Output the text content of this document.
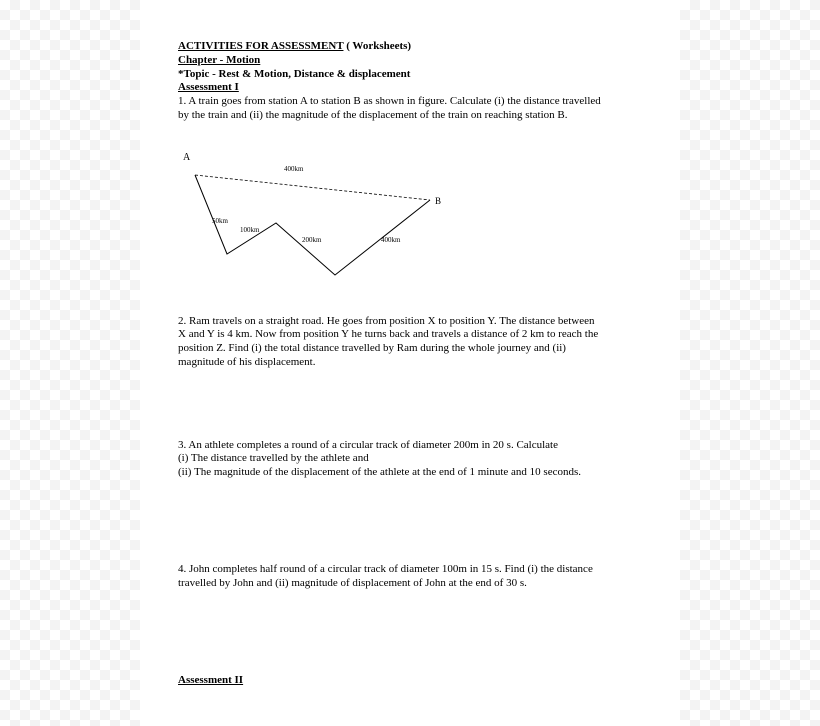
ACTIVITIES FOR ASSESSMENT ( Worksheets)
Chapter - Motion
*Topic - Rest & Motion, Distance & displacement
Assessment I
1. A train goes from station A to station B as shown in figure. Calculate (i) the distance travelled
by the train and (ii) the magnitude of the displacement of the train on reaching station B.
A
B
400km
50km
100km
200km	400km
2. Ram travels on a straight road. He goes from position X to position Y. The distance between
X and Y is 4 km. Now from position Y he turns back and travels a distance of 2 km to reach the
position Z. Find (i) the total distance travelled by Ram during the whole journey and (ii)
magnitude of his displacement.
3. An athlete completes a round of a circular track of diameter 200m in 20 s. Calculate
(i) The distance travelled by the athlete and
(ii) The magnitude of the displacement of the athlete at the end of 1 minute and 10 seconds.
4. John completes half round of a circular track of diameter 100m in 15 s. Find (i) the distance
travelled by John and (ii) magnitude of displacement of John at the end of 30 s.
Assessment II
